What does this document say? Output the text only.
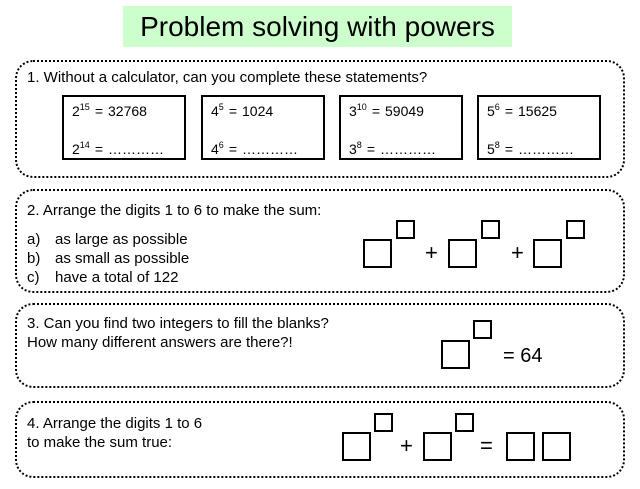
Problem solving with powers
1. Without a calculator, can you complete these statements?
$2^{15} = 32768$
$2^{14}$ = …………
$4^5 = 1024$
$4^6$ = …………
$3^{10} = 59049$
$3^8$ = …………
$5^6 = 15625$
$5^8$ = …………
2. Arrange the digits 1 to 6 to make the sum:
a) as large as possible
b) as small as possible
c) have a total of 122
+	+
3. Can you find two integers to fill the blanks?
How many different answers are there?!
= 64
4. Arrange the digits 1 to 6
to make the sum true:	+	=
